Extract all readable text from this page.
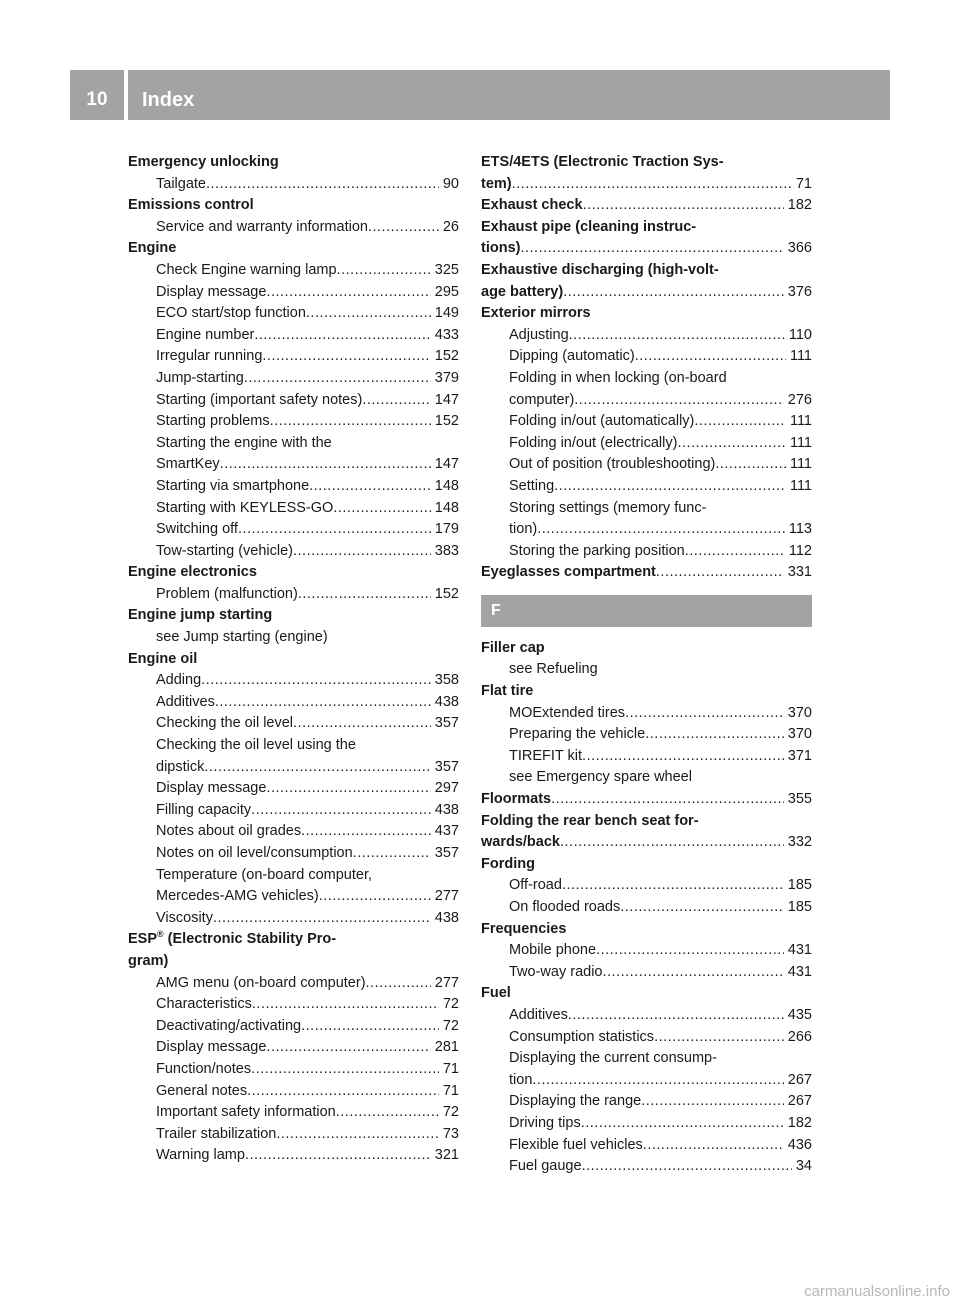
10	Index
Emergency unlocking
Tailgate .....	90
Emissions control
Service and warranty information .....	26
Engine
Check Engine warning lamp .....	325
Display message .....	295
ECO start/stop function .....	149
Engine number .....	433
Irregular running .....	152
Jump-starting .....	379
Starting (important safety notes) .....	147
Starting problems .....	152
Starting the engine with the
SmartKey .....	147
Starting via smartphone .....	148
Starting with KEYLESS-GO .....	148
Switching off .....	179
Tow-starting (vehicle) .....	383
Engine electronics
Problem (malfunction) .....	152
Engine jump starting
see Jump starting (engine)
Engine oil
Adding .....	358
Additives .....	438
Checking the oil level .....	357
Checking the oil level using the
dipstick .....	357
Display message .....	297
Filling capacity .....	438
Notes about oil grades .....	437
Notes on oil level/consumption .....	357
Temperature (on-board computer,
Mercedes-AMG vehicles) .....	277
Viscosity .....	438
ESP® (Electronic Stability Pro-
gram)
AMG menu (on-board computer) .....	277
Characteristics .....	72
Deactivating/activating .....	72
Display message .....	281
Function/notes .....	71
General notes .....	71
Important safety information .....	72
Trailer stabilization .....	73
Warning lamp .....	321
ETS/4ETS (Electronic Traction Sys-
tem) .....	71
Exhaust check .....	182
Exhaust pipe (cleaning instruc-
tions) .....	366
Exhaustive discharging (high-volt-
age battery) .....	376
Exterior mirrors
Adjusting .....	110
Dipping (automatic) .....	111
Folding in when locking (on-board
computer) .....	276
Folding in/out (automatically) .....	111
Folding in/out (electrically) .....	111
Out of position (troubleshooting) .....	111
Setting .....	111
Storing settings (memory func-
tion) .....	113
Storing the parking position .....	112
Eyeglasses compartment .....	331
F
Filler cap
see Refueling
Flat tire
MOExtended tires .....	370
Preparing the vehicle .....	370
TIREFIT kit .....	371
see Emergency spare wheel
Floormats .....	355
Folding the rear bench seat for-
wards/back .....	332
Fording
Off-road .....	185
On flooded roads .....	185
Frequencies
Mobile phone .....	431
Two-way radio .....	431
Fuel
Additives .....	435
Consumption statistics .....	266
Displaying the current consump-
tion .....	267
Displaying the range .....	267
Driving tips .....	182
Flexible fuel vehicles .....	436
Fuel gauge .....	34
carmanualsonline.info
